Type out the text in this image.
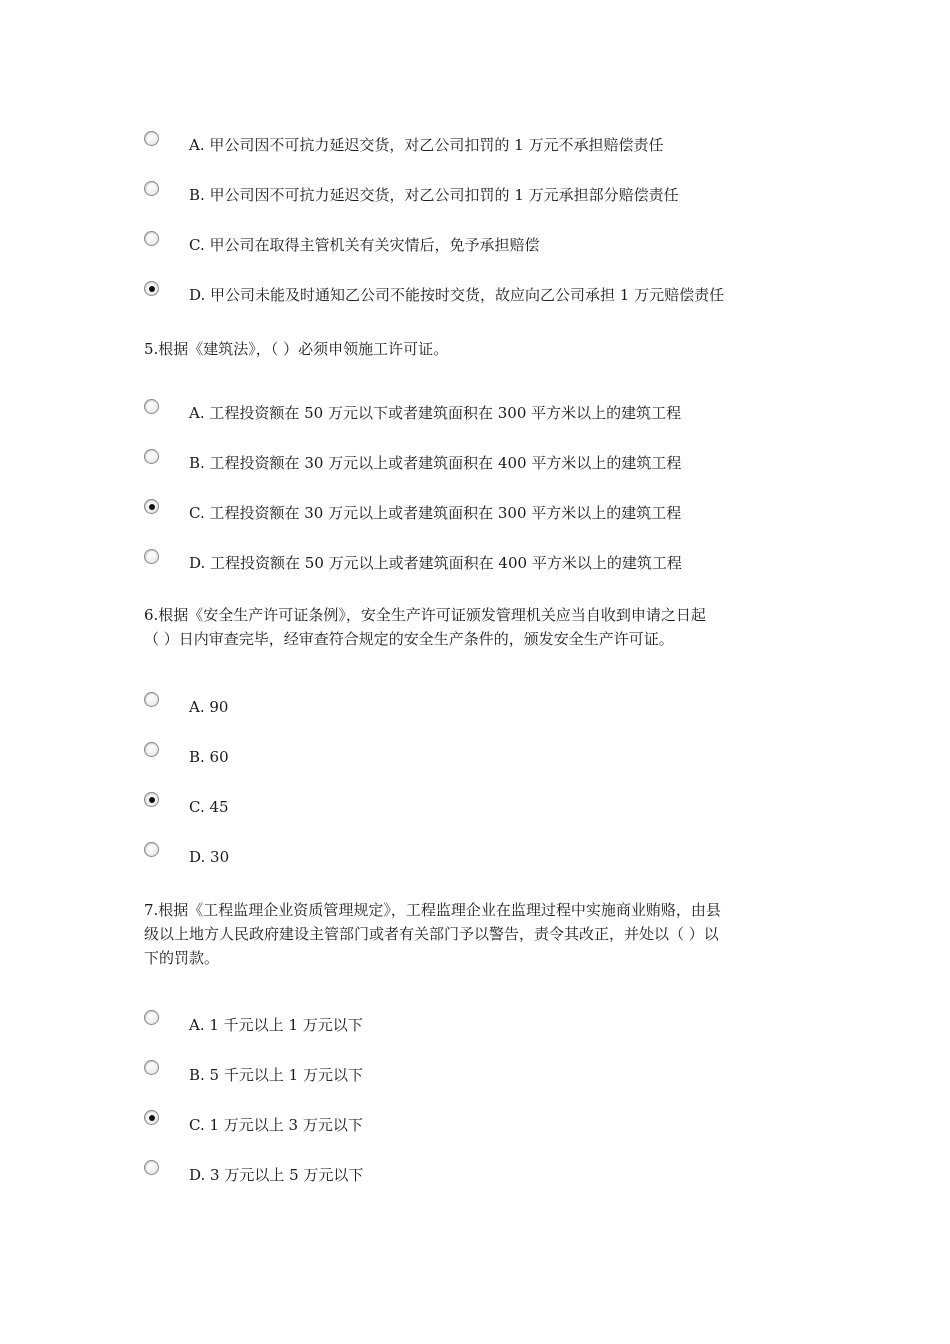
A. 甲公司因不可抗力延迟交货，对乙公司扣罚的 1 万元不承担赔偿责任
B. 甲公司因不可抗力延迟交货，对乙公司扣罚的 1 万元承担部分赔偿责任
C. 甲公司在取得主管机关有关灾情后，免予承担赔偿
D. 甲公司未能及时通知乙公司不能按时交货，故应向乙公司承担 1 万元赔偿责任

5.根据《建筑法》，（ ）必须申领施工许可证。

A. 工程投资额在 50 万元以下或者建筑面积在 300 平方米以上的建筑工程
B. 工程投资额在 30 万元以上或者建筑面积在 400 平方米以上的建筑工程
C. 工程投资额在 30 万元以上或者建筑面积在 300 平方米以上的建筑工程
D. 工程投资额在 50 万元以上或者建筑面积在 400 平方米以上的建筑工程

6.根据《安全生产许可证条例》，安全生产许可证颁发管理机关应当自收到申请之日起

（ ）日内审查完毕，经审查符合规定的安全生产条件的，颁发安全生产许可证。

A. 90
B. 60
C. 45
D. 30

7.根据《工程监理企业资质管理规定》，工程监理企业在监理过程中实施商业贿赂，由县

级以上地方人民政府建设主管部门或者有关部门予以警告，责令其改正，并处以（ ）以

下的罚款。

A. 1 千元以上 1 万元以下
B. 5 千元以上 1 万元以下
C. 1 万元以上 3 万元以下
D. 3 万元以上 5 万元以下
